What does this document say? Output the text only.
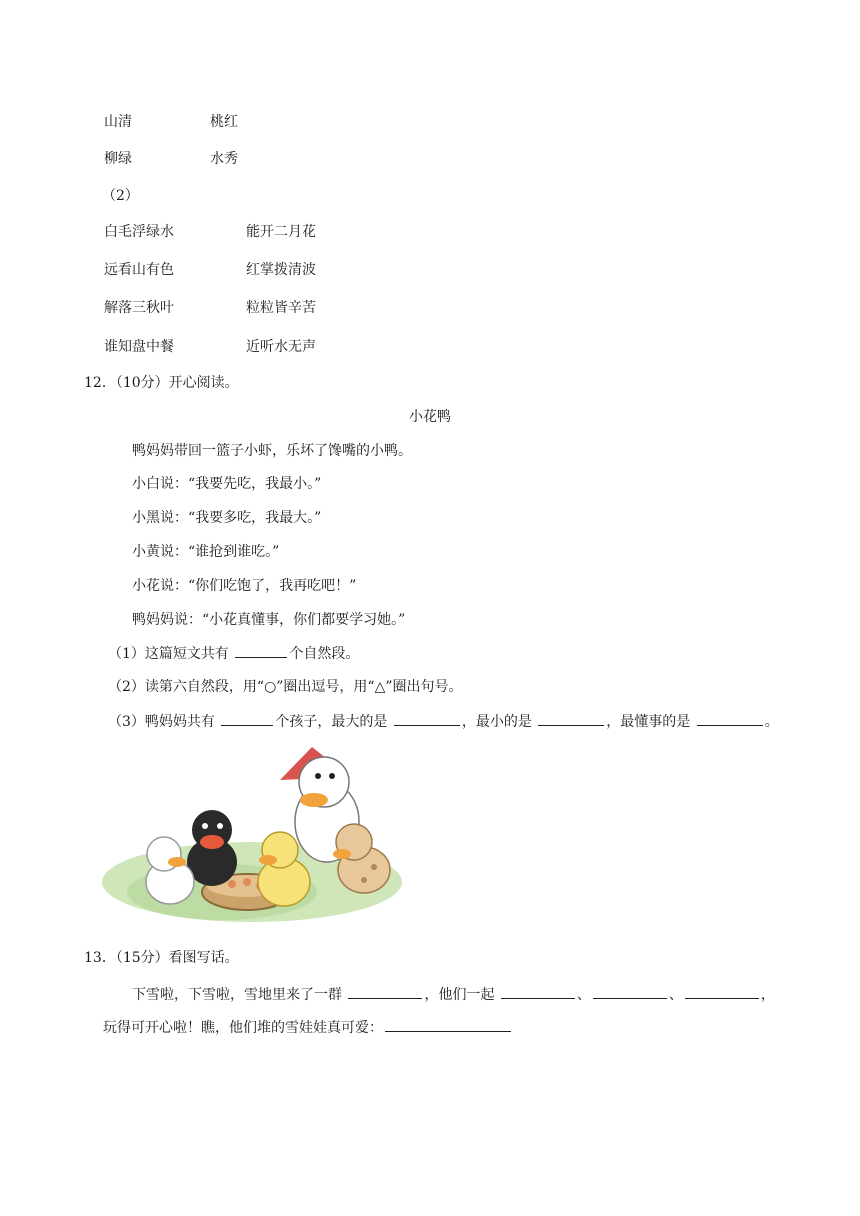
山清	桃红
柳绿	水秀
（2）
白毛浮绿水	能开二月花
远看山有色	红掌拨清波
解落三秋叶	粒粒皆辛苦
谁知盘中餐	近听水无声
12．（10分）开心阅读。
小花鸭
鸭妈妈带回一篮子小虾，乐坏了馋嘴的小鸭。
小白说：“我要先吃，我最小。”
小黑说：“我要多吃，我最大。”
小黄说：“谁抢到谁吃。”
小花说：“你们吃饱了，我再吃吧！”
鸭妈妈说：“小花真懂事，你们都要学习她。”
（1）这篇短文共有	个自然段。
（2）读第六自然段，用“○”圈出逗号，用“△”圈出句号。
（3）鸭妈妈共有	个孩子，最大的是	，最小的是	，最懂事的是	。
13．（15分）看图写话。
下雪啦，下雪啦，雪地里来了一群	，他们一起	、	、	，
玩得可开心啦！瞧，他们堆的雪娃娃真可爱：
